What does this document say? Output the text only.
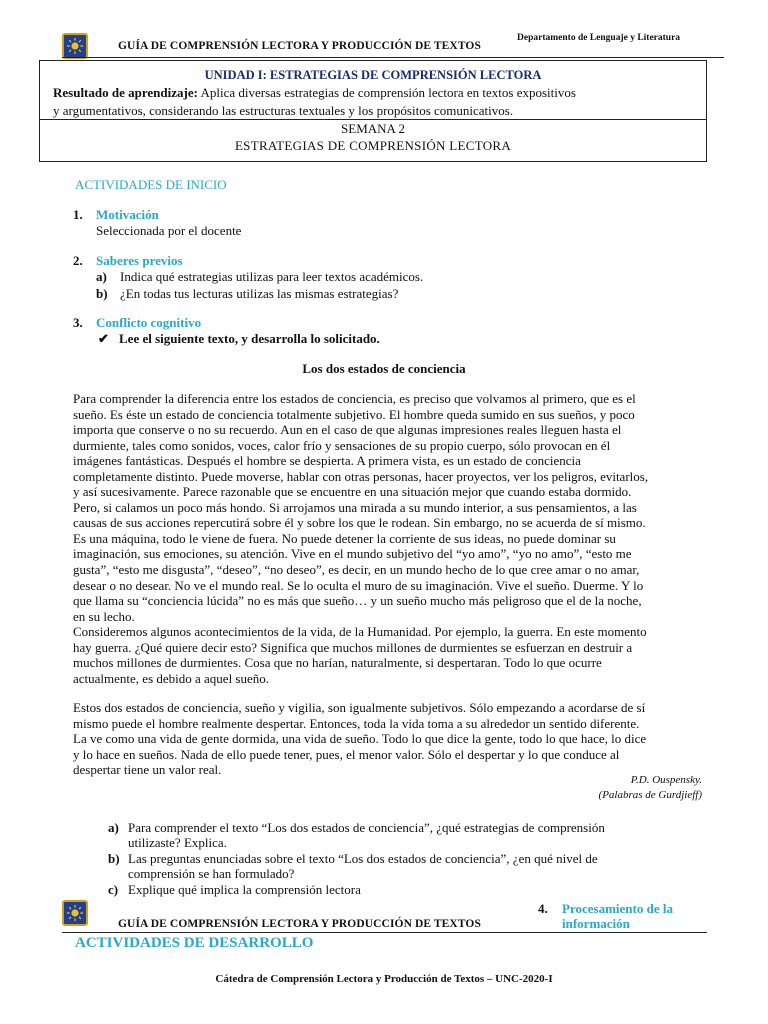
GUÍA DE COMPRENSIÓN LECTORA Y PRODUCCIÓN DE TEXTOS
Departamento de Lenguaje y Literatura
UNIDAD I: ESTRATEGIAS DE COMPRENSIÓN LECTORA
Resultado de aprendizaje: Aplica diversas estrategias de comprensión lectora en textos expositivos
y argumentativos, considerando las estructuras textuales y los propósitos comunicativos.
SEMANA 2
ESTRATEGIAS DE COMPRENSIÓN LECTORA
ACTIVIDADES DE INICIO
1. Motivación
Seleccionada por el docente
2. Saberes previos
a) Indica qué estrategias utilizas para leer textos académicos.
b) ¿En todas tus lecturas utilizas las mismas estrategias?
3. Conflicto cognitivo
✔ Lee el siguiente texto, y desarrolla lo solicitado.
Los dos estados de conciencia
Para comprender la diferencia entre los estados de conciencia, es preciso que volvamos al primero, que es el
sueño. Es éste un estado de conciencia totalmente subjetivo. El hombre queda sumido en sus sueños, y poco
importa que conserve o no su recuerdo. Aun en el caso de que algunas impresiones reales lleguen hasta el
durmiente, tales como sonidos, voces, calor frío y sensaciones de su propio cuerpo, sólo provocan en él
imágenes fantásticas. Después el hombre se despierta. A primera vista, es un estado de conciencia
completamente distinto. Puede moverse, hablar con otras personas, hacer proyectos, ver los peligros, evitarlos,
y así sucesivamente. Parece razonable que se encuentre en una situación mejor que cuando estaba dormido.
Pero, si calamos un poco más hondo. Si arrojamos una mirada a su mundo interior, a sus pensamientos, a las
causas de sus acciones repercutirá sobre él y sobre los que le rodean. Sin embargo, no se acuerda de sí mismo.
Es una máquina, todo le viene de fuera. No puede detener la corriente de sus ideas, no puede dominar su
imaginación, sus emociones, su atención. Vive en el mundo subjetivo del “yo amo”, “yo no amo”, “esto me
gusta”, “esto me disgusta”, “deseo”, “no deseo”, es decir, en un mundo hecho de lo que cree amar o no amar,
desear o no desear. No ve el mundo real. Se lo oculta el muro de su imaginación. Vive el sueño. Duerme. Y lo
que llama su “conciencia lúcida” no es más que sueño… y un sueño mucho más peligroso que el de la noche,
en su lecho.
Consideremos algunos acontecimientos de la vida, de la Humanidad. Por ejemplo, la guerra. En este momento
hay guerra. ¿Qué quiere decir esto? Significa que muchos millones de durmientes se esfuerzan en destruir a
muchos millones de durmientes. Cosa que no harían, naturalmente, si despertaran. Todo lo que ocurre
actualmente, es debido a aquel sueño.
Estos dos estados de conciencia, sueño y vigilia, son igualmente subjetivos. Sólo empezando a acordarse de sí
mismo puede el hombre realmente despertar. Entonces, toda la vida toma a su alrededor un sentido diferente.
La ve como una vida de gente dormida, una vida de sueño. Todo lo que dice la gente, todo lo que hace, lo dice
y lo hace en sueños. Nada de ello puede tener, pues, el menor valor. Sólo el despertar y lo que conduce al
despertar tiene un valor real.
P.D. Ouspensky.
(Palabras de Gurdjieff)
a) Para comprender el texto “Los dos estados de conciencia”, ¿qué estrategias de comprensión
utilizaste? Explica.
b) Las preguntas enunciadas sobre el texto “Los dos estados de conciencia”, ¿en qué nivel de
comprensión se han formulado?
c) Explique qué implica la comprensión lectora
GUÍA DE COMPRENSIÓN LECTORA Y PRODUCCIÓN DE TEXTOS
4. Procesamiento de la
información
ACTIVIDADES DE DESARROLLO
Cátedra de Comprensión Lectora y Producción de Textos – UNC-2020-I
